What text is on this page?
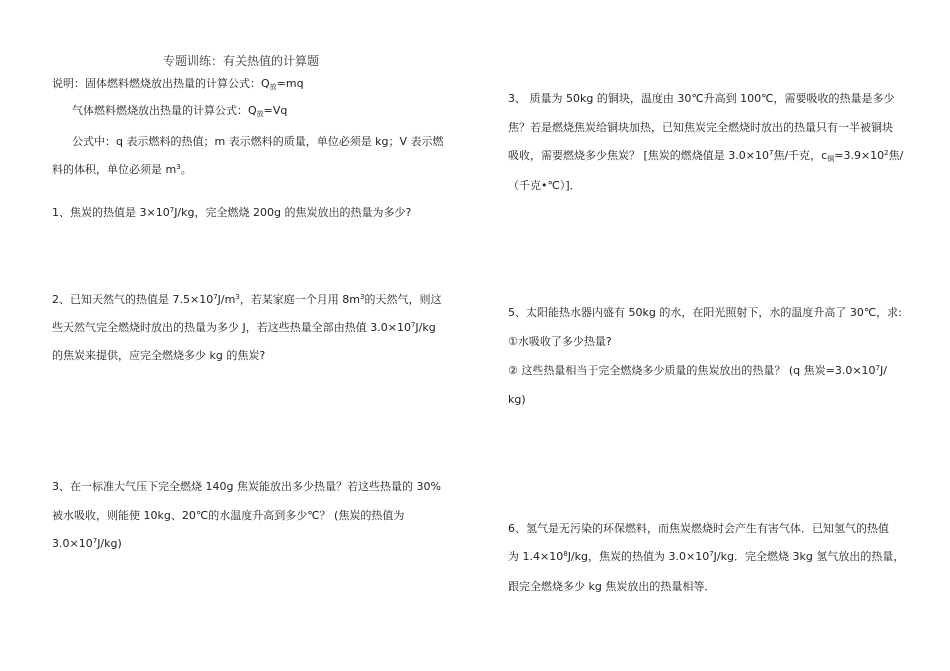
专题训练：有关热值的计算题
说明：固体燃料燃烧放出热量的计算公式：$Q_放=mq$
气体燃料燃烧放出热量的计算公式：$Q_放=Vq$
公式中：q 表示燃料的热值；m 表示燃料的质量，单位必须是 kg；V 表示燃
料的体积，单位必须是 $m^3$。
1、焦炭的热值是 $3\times 10^7J/kg$，完全燃烧 200g 的焦炭放出的热量为多少?
2、已知天然气的热值是 $7.5\times 10^7J/m^3$，若某家庭一个月用 $8m^3$的天然气，则这
些天然气完全燃烧时放出的热量为多少 J，若这些热量全部由热值 $3.0\times 10^7J/kg$
的焦炭来提供，应完全燃烧多少 kg 的焦炭?
3、在一标准大气压下完全燃烧 140g 焦炭能放出多少热量？若这些热量的 30%
被水吸收，则能使 10kg、20℃的水温度升高到多少℃？ (焦炭的热值为
$3.0\times 10^7J/kg$)
3、 质量为 50kg 的铜块，温度由 30℃升高到 100℃，需要吸收的热量是多少
焦？若是燃烧焦炭给铜块加热，已知焦炭完全燃烧时放出的热量只有一半被铜块
吸收，需要燃烧多少焦炭？ [焦炭的燃烧值是 $3.0\times 10^7$焦/千克，$c_铜=3.9\times 10^2$焦/
（千克•℃）]．
5、太阳能热水器内盛有 50kg 的水，在阳光照射下，水的温度升高了 30℃，求:
①水吸收了多少热量?
② 这些热量相当于完全燃烧多少质量的焦炭放出的热量？ (q 焦炭$=3.0\times 10^7J/$
kg)
6、氢气是无污染的环保燃料，而焦炭燃烧时会产生有害气体．已知氢气的热值
为 $1.4\times 10^8J/kg$，焦炭的热值为 $3.0\times 10^7J/kg$．完全燃烧 3kg 氢气放出的热量，
跟完全燃烧多少 kg 焦炭放出的热量相等．
